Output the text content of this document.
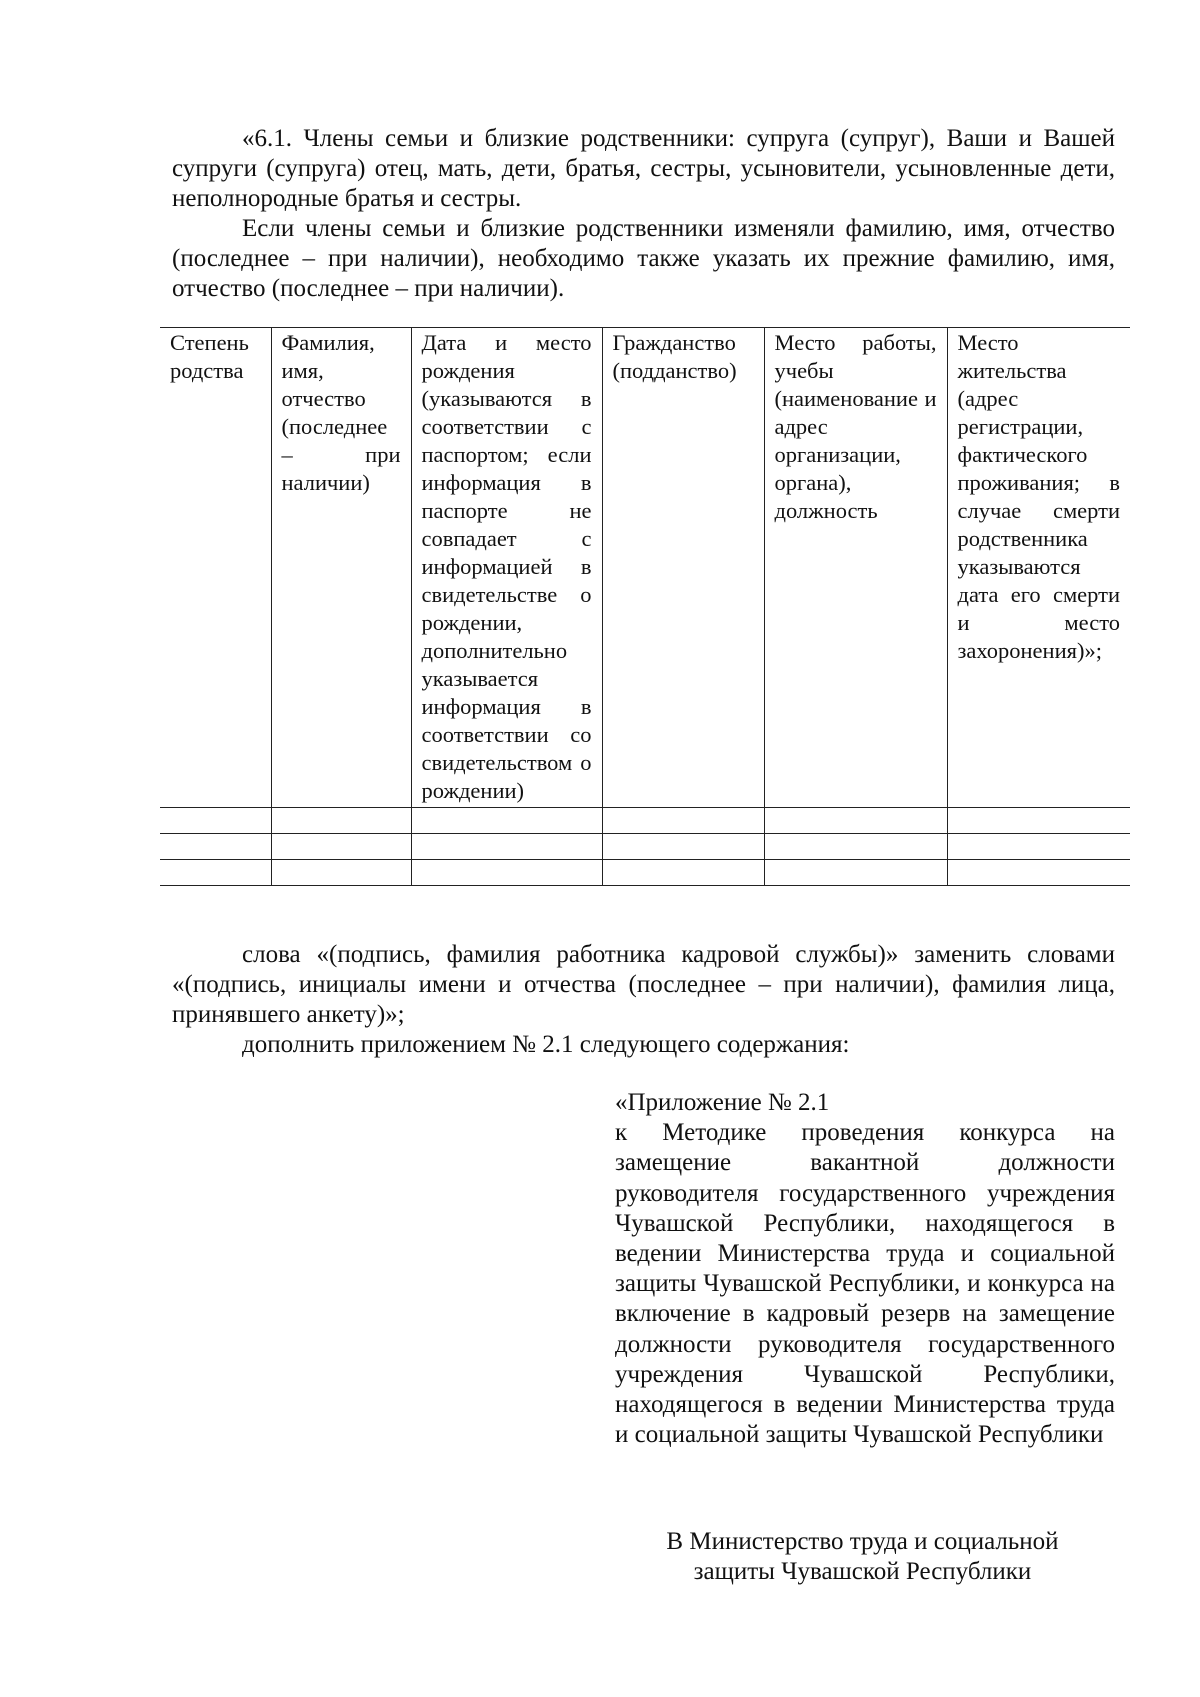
«6.1. Члены семьи и близкие родственники: супруга (супруг), Ваши и Вашей супруги (супруга) отец, мать, дети, братья, сестры, усыновители, усыновленные дети, неполнородные братья и сестры.

Если члены семьи и близкие родственники изменяли фамилию, имя, отчество (последнее – при наличии), необходимо также указать их прежние фамилию, имя, отчество (последнее – при наличии).

Степень родства	Фамилия, имя, отчество (последнее – при наличии)	Дата и место рождения (указываются в соответствии с паспортом; если информация в паспорте не совпадает с информацией в свидетельстве о рождении, дополнительно указывается информация в соответствии со свидетельством о рождении)	Гражданство (подданство)	Место работы, учебы (наименование и адрес организации, органа), должность	Место жительства (адрес регистрации, фактического проживания; в случае смерти родственника указываются дата его смерти и место захоронения)»;

слова «(подпись, фамилия работника кадровой службы)» заменить словами «(подпись, инициалы имени и отчества (последнее – при наличии), фамилия лица, принявшего анкету)»;

дополнить приложением № 2.1 следующего содержания:

«Приложение № 2.1
к Методике проведения конкурса на замещение вакантной должности руководителя государственного учреждения Чувашской Республики, находящегося в ведении Министерства труда и социальной защиты Чувашской Республики, и конкурса на включение в кадровый резерв на замещение должности руководителя государственного учреждения Чувашской Республики, находящегося в ведении Министерства труда и социальной защиты Чувашской Республики
В Министерство труда и социальной
защиты Чувашской Республики
